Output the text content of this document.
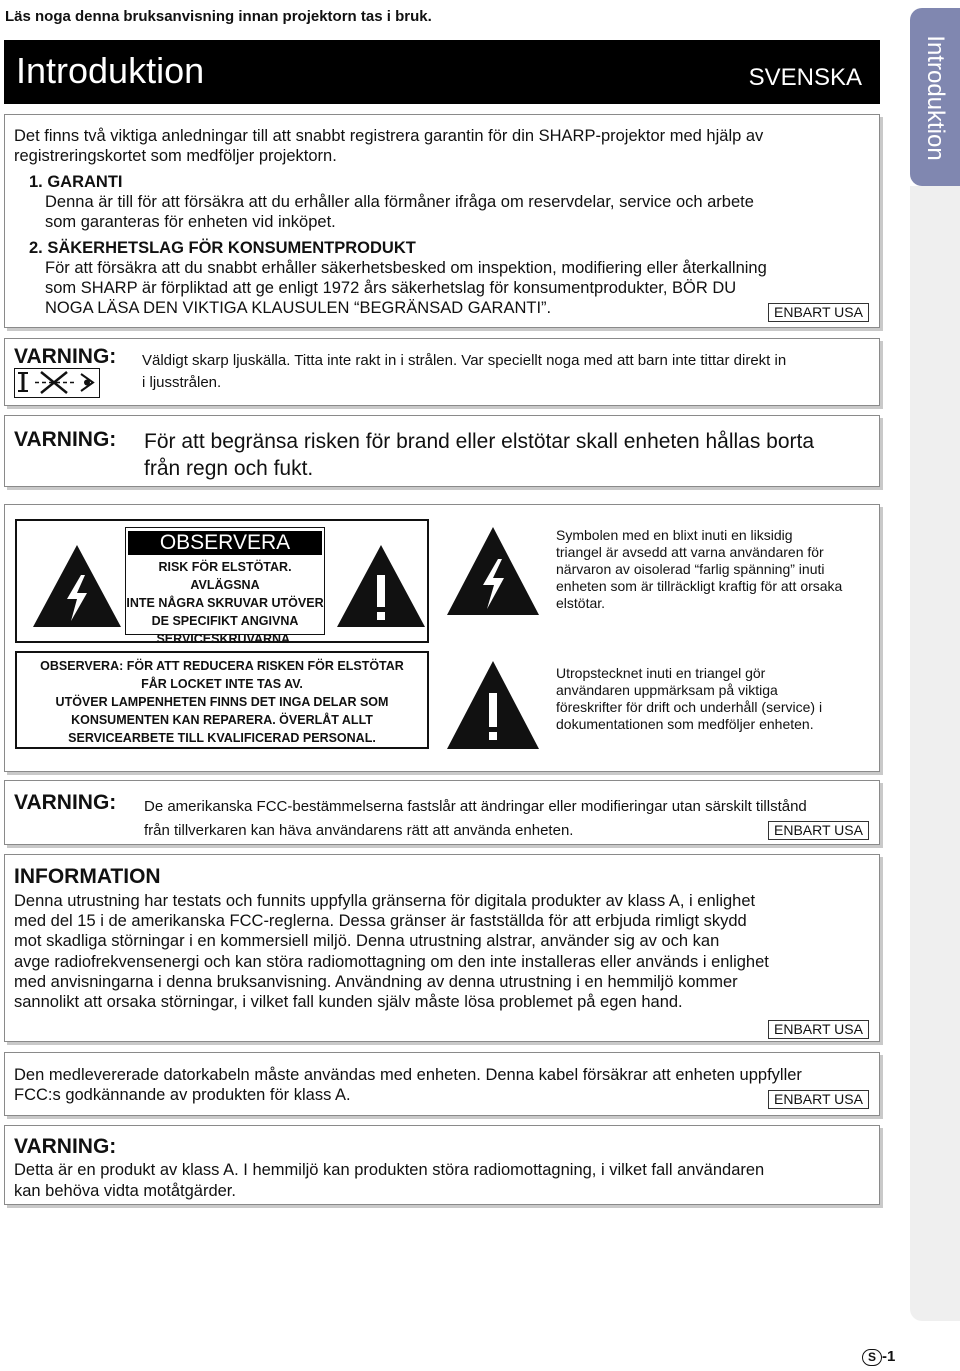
Läs noga denna bruksanvisning innan projektorn tas i bruk.
Introduktion	SVENSKA	Introduktion
Det finns två viktiga anledningar till att snabbt registrera garantin för din SHARP-projektor med hjälp av
registreringskortet som medföljer projektorn.
1. GARANTI
Denna är till för att försäkra att du erhåller alla förmåner ifråga om reservdelar, service och arbete
som garanteras för enheten vid inköpet.
2. SÄKERHETSLAG FÖR KONSUMENTPRODUKT
För att försäkra att du snabbt erhåller säkerhetsbesked om inspektion, modifiering eller återkallning
som SHARP är förpliktad att ge enligt 1972 års säkerhetslag för konsumentprodukter, BÖR DU
NOGA LÄSA DEN VIKTIGA KLAUSULEN “BEGRÄNSAD GARANTI”.	ENBART USA
VARNING: Väldigt skarp ljuskälla. Titta inte rakt in i strålen. Var speciellt noga med att barn inte tittar direkt in
i ljusstrålen.
VARNING: För att begränsa risken för brand eller elstötar skall enheten hållas borta
från regn och fukt.
OBSERVERA
RISK FÖR ELSTÖTAR. AVLÄGSNA
INTE NÅGRA SKRUVAR UTÖVER
DE SPECIFIKT ANGIVNA
SERVICESKRUVARNA.
OBSERVERA: FÖR ATT REDUCERA RISKEN FÖR ELSTÖTAR
FÅR LOCKET INTE TAS AV.
UTÖVER LAMPENHETEN FINNS DET INGA DELAR SOM
KONSUMENTEN KAN REPARERA. ÖVERLÅT ALLT
SERVICEARBETE TILL KVALIFICERAD PERSONAL.
Symbolen med en blixt inuti en liksidig
triangel är avsedd att varna användaren för
närvaron av oisolerad “farlig spänning” inuti
enheten som är tillräckligt kraftig för att orsaka
elstötar.
Utropstecknet inuti en triangel gör
användaren uppmärksam på viktiga
föreskrifter för drift och underhåll (service) i
dokumentationen som medföljer enheten.
VARNING: De amerikanska FCC-bestämmelserna fastslår att ändringar eller modifieringar utan särskilt tillstånd
från tillverkaren kan häva användarens rätt att använda enheten.	ENBART USA
INFORMATION
Denna utrustning har testats och funnits uppfylla gränserna för digitala produkter av klass A, i enlighet
med del 15 i de amerikanska FCC-reglerna. Dessa gränser är fastställda för att erbjuda rimligt skydd
mot skadliga störningar i en kommersiell miljö. Denna utrustning alstrar, använder sig av och kan
avge radiofrekvensenergi och kan störa radiomottagning om den inte installeras eller används i enlighet
med anvisningarna i denna bruksanvisning. Användning av denna utrustning i en hemmiljö kommer
sannolikt att orsaka störningar, i vilket fall kunden själv måste lösa problemet på egen hand.
ENBART USA
Den medlevererade datorkabeln måste användas med enheten. Denna kabel försäkrar att enheten uppfyller
FCC:s godkännande av produkten för klass A.	ENBART USA
VARNING:
Detta är en produkt av klass A. I hemmiljö kan produkten störa radiomottagning, i vilket fall användaren
kan behöva vidta motåtgärder.
S -1
